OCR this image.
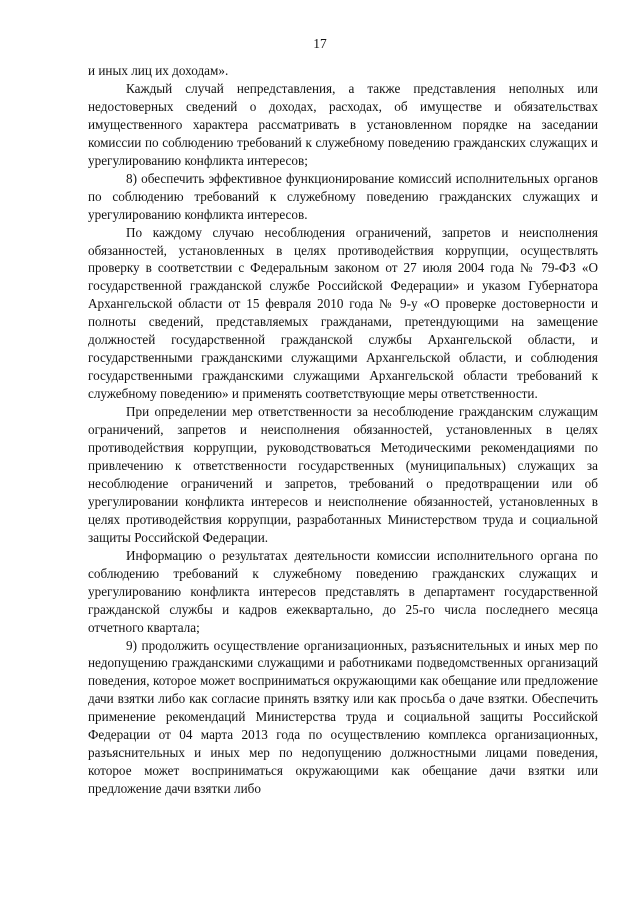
17

и иных лиц их доходам».

Каждый случай непредставления, а также представления неполных или недостоверных сведений о доходах, расходах, об имуществе и обязательствах имущественного характера рассматривать в установленном порядке на заседании комиссии по соблюдению требований к служебному поведению гражданских служащих и урегулированию конфликта интересов;

8) обеспечить эффективное функционирование комиссий исполнительных органов по соблюдению требований к служебному поведению гражданских служащих и урегулированию конфликта интересов.

По каждому случаю несоблюдения ограничений, запретов и неисполнения обязанностей, установленных в целях противодействия коррупции, осуществлять проверку в соответствии с Федеральным законом от 27 июля 2004 года № 79-ФЗ «О государственной гражданской службе Российской Федерации» и указом Губернатора Архангельской области от 15 февраля 2010 года № 9-у «О проверке достоверности и полноты сведений, представляемых гражданами, претендующими на замещение должностей государственной гражданской службы Архангельской области, и государственными гражданскими служащими Архангельской области, и соблюдения государственными гражданскими служащими Архангельской области требований к служебному поведению» и применять соответствующие меры ответственности.

При определении мер ответственности за несоблюдение гражданским служащим ограничений, запретов и неисполнения обязанностей, установленных в целях противодействия коррупции, руководствоваться Методическими рекомендациями по привлечению к ответственности государственных (муниципальных) служащих за несоблюдение ограничений и запретов, требований о предотвращении или об урегулировании конфликта интересов и неисполнение обязанностей, установленных в целях противодействия коррупции, разработанных Министерством труда и социальной защиты Российской Федерации.

Информацию о результатах деятельности комиссии исполнительного органа по соблюдению требований к служебному поведению гражданских служащих и урегулированию конфликта интересов представлять в департамент государственной гражданской службы и кадров ежеквартально, до 25-го числа последнего месяца отчетного квартала;

9) продолжить осуществление организационных, разъяснительных и иных мер по недопущению гражданскими служащими и работниками подведомственных организаций поведения, которое может восприниматься окружающими как обещание или предложение дачи взятки либо как согласие принять взятку или как просьба о даче взятки. Обеспечить применение рекомендаций Министерства труда и социальной защиты Российской Федерации от 04 марта 2013 года по осуществлению комплекса организационных, разъяснительных и иных мер по недопущению должностными лицами поведения, которое может восприниматься окружающими как обещание дачи взятки или предложение дачи взятки либо
